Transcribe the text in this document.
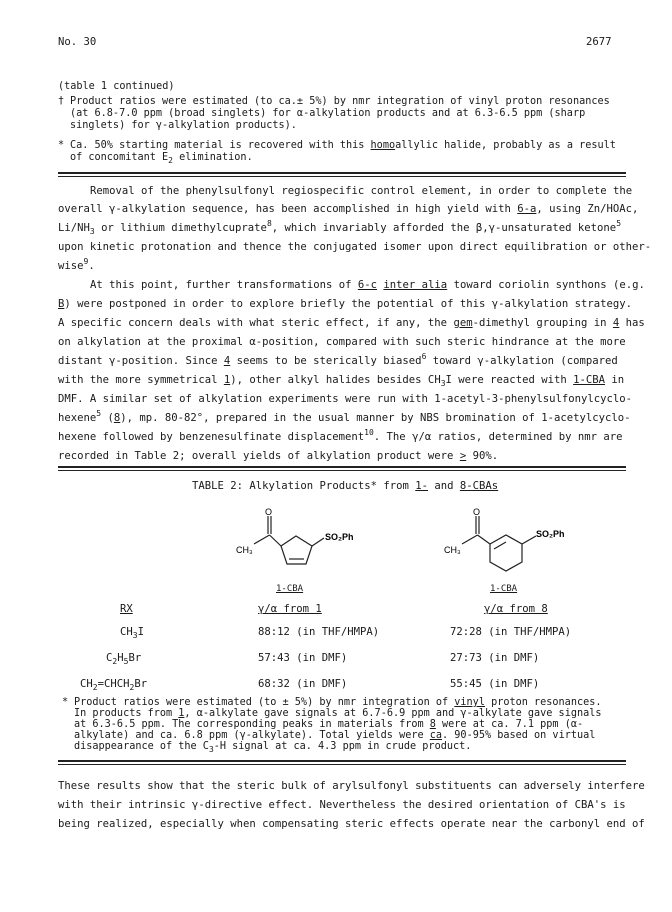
No. 30	2677
(table 1 continued)
† Product ratios were estimated (to ca.± 5%) by nmr integration of vinyl proton resonances
(at 6.8-7.0 ppm (broad singlets) for α-alkylation products and at 6.3-6.5 ppm (sharp
singlets) for γ-alkylation products).
* Ca. 50% starting material is recovered with this homoallylic halide, probably as a result
of concomitant $E_2$ elimination.
Removal of the phenylsulfonyl regiospecific control element, in order to complete the
overall γ-alkylation sequence, has been accomplished in high yield with 6-a, using Zn/HOAc,
$Li/NH_3$ or lithium dimethylcuprate$^8$, which invariably afforded the β,γ-unsaturated ketone$^5$
upon kinetic protonation and thence the conjugated isomer upon direct equilibration or other-
wise$^9$.
At this point, further transformations of 6-c inter alia toward coriolin synthons (e.g.
B) were postponed in order to explore briefly the potential of this γ-alkylation strategy.
A specific concern deals with what steric effect, if any, the gem-dimethyl grouping in 4 has
on alkylation at the proximal α-position, compared with such steric hindrance at the more
distant γ-position. Since 4 seems to be sterically biased$^6$ toward γ-alkylation (compared
with the more symmetrical 1), other alkyl halides besides $CH_3I$ were reacted with 1-CBA in
DMF. A similar set of alkylation experiments were run with 1-acetyl-3-phenylsulfonylcyclo-
hexene$^5$ (8), mp. 80-82°, prepared in the usual manner by NBS bromination of 1-acetylcyclo-
hexene followed by benzenesulfinate displacement$^{10}$. The γ/α ratios, determined by nmr are
recorded in Table 2; overall yields of alkylation product were > 90%.
TABLE 2: Alkylation Products* from 1- and 8-CBAs
O
CH₃
SO₂Ph
1-CBA
O
CH₃
SO₂Ph
1-CBA
RX	γ/α from 1	γ/α from 8
$CH_3I$	88:12 (in THF/HMPA)	72:28 (in THF/HMPA)
$C_2H_5Br$	57:43 (in DMF)	27:73 (in DMF)
$CH_2=CHCH_2Br$	68:32 (in DMF)	55:45 (in DMF)
* Product ratios were estimated (to ± 5%) by nmr integration of vinyl proton resonances.
In products from 1, α-alkylate gave signals at 6.7-6.9 ppm and γ-alkylate gave signals
at 6.3-6.5 ppm. The corresponding peaks in materials from 8 were at ca. 7.1 ppm (α-
alkylate) and ca. 6.8 ppm (γ-alkylate). Total yields were ca. 90-95% based on virtual
disappearance of the $C_3-H$ signal at ca. 4.3 ppm in crude product.
These results show that the steric bulk of arylsulfonyl substituents can adversely interfere
with their intrinsic γ-directive effect. Nevertheless the desired orientation of CBA's is
being realized, especially when compensating steric effects operate near the carbonyl end of
